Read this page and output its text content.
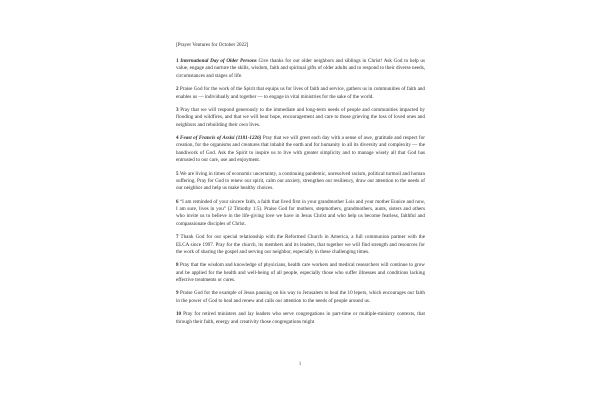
[Prayer Ventures for October 2022]

1 International Day of Older Persons Give thanks for our older neighbors and siblings in Christ! Ask God to help us value, engage and nurture the skills, wisdom, faith and spiritual gifts of older adults and to respond to their diverse needs, circumstances and stages of life.

2 Praise God for the work of the Spirit that equips us for lives of faith and service, gathers us in communities of faith and enables us — individually and together — to engage in vital ministries for the sake of the world.

3 Pray that we will respond generously to the immediate and long-term needs of people and communities impacted by flooding and wildfires, and that we will bear hope, encouragement and care to those grieving the loss of loved ones and neighbors and rebuilding their own lives.

4 Feast of Francis of Assisi (1181-1226) Pray that we will greet each day with a sense of awe, gratitude and respect for creation, for the organisms and creatures that inhabit the earth and for humanity in all its diversity and complexity — the handiwork of God. Ask the Spirit to inspire us to live with greater simplicity and to manage wisely all that God has entrusted to our care, use and enjoyment.

5 We are living in times of economic uncertainty, a continuing pandemic, unresolved racism, political turmoil and human suffering. Pray for God to renew our spirit, calm our anxiety, strengthen our resiliency, draw our attention to the needs of our neighbor and help us make healthy choices.

6 “I am reminded of your sincere faith, a faith that lived first in your grandmother Lois and your mother Eunice and now, I am sure, lives in you” (2 Timothy 1:5). Praise God for mothers, stepmothers, grandmothers, aunts, sisters and others who invite us to believe in the life-giving love we have in Jesus Christ and who help us become fearless, faithful and compassionate disciples of Christ.

7 Thank God for our special relationship with the Reformed Church in America, a full communion partner with the ELCA since 1997. Pray for the church, its members and its leaders, that together we will find strength and resources for the work of sharing the gospel and serving our neighbor, especially in these challenging times.

8 Pray that the wisdom and knowledge of physicians, health care workers and medical researchers will continue to grow and be applied for the health and well-being of all people, especially those who suffer illnesses and conditions lacking effective treatments or cures.

9 Praise God for the example of Jesus pausing on his way to Jerusalem to heal the 10 lepers, which encourages our faith in the power of God to heal and renew and calls our attention to the needs of people around us.

10 Pray for retired ministers and lay leaders who serve congregations in part-time or multiple-ministry contexts, that through their faith, energy and creativity those congregations might

1
